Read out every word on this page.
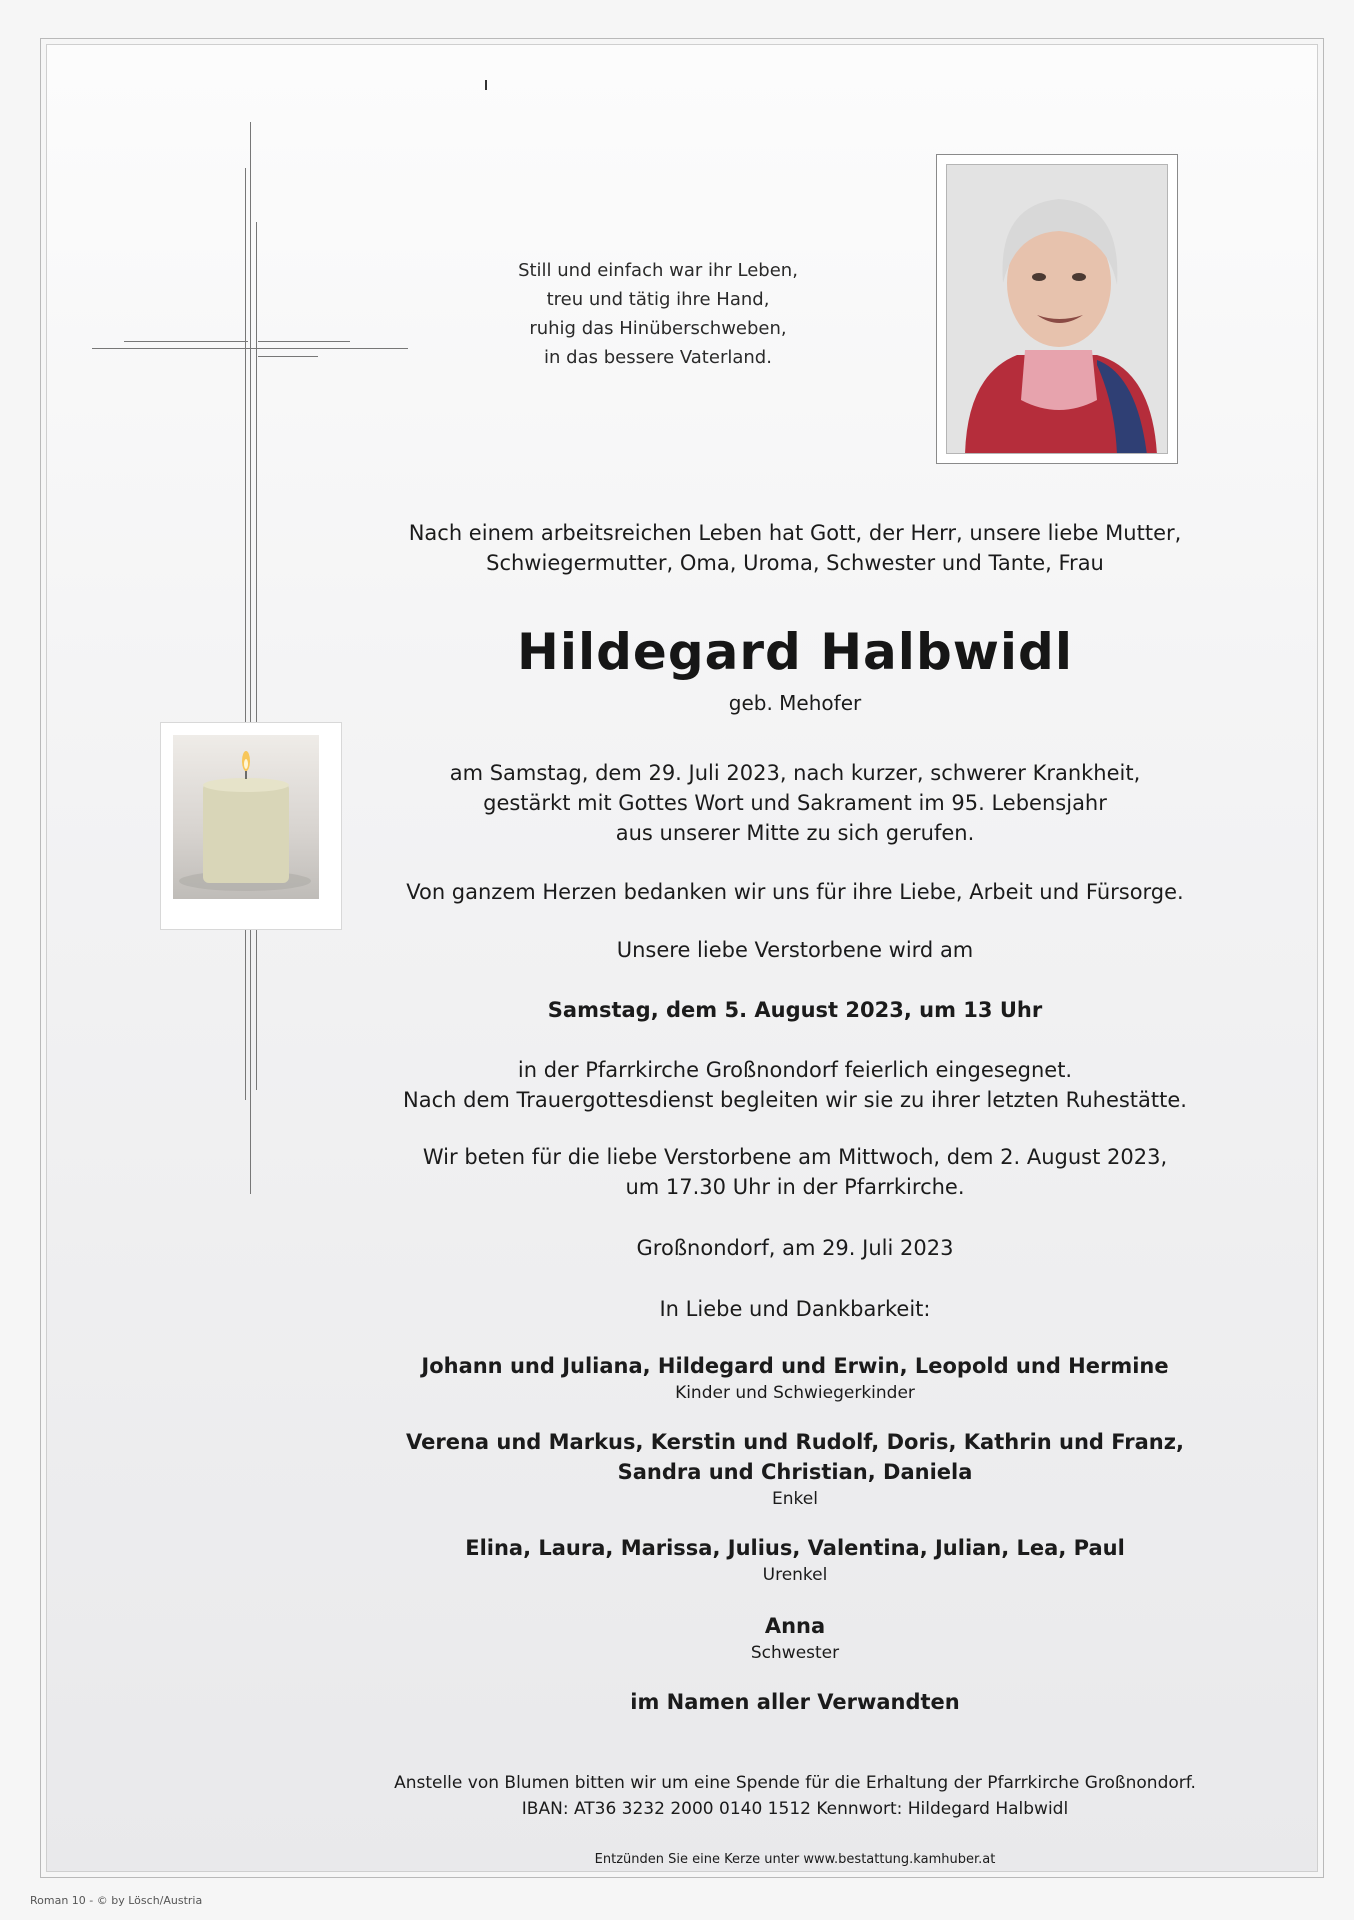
Still und einfach war ihr Leben,
treu und tätig ihre Hand,
ruhig das Hinüberschweben,
in das bessere Vaterland.
Nach einem arbeitsreichen Leben hat Gott, der Herr, unsere liebe Mutter,
Schwiegermutter, Oma, Uroma, Schwester und Tante, Frau
Hildegard Halbwidl
geb. Mehofer
am Samstag, dem 29. Juli 2023, nach kurzer, schwerer Krankheit,
gestärkt mit Gottes Wort und Sakrament im 95. Lebensjahr
aus unserer Mitte zu sich gerufen.
Von ganzem Herzen bedanken wir uns für ihre Liebe, Arbeit und Fürsorge.
Unsere liebe Verstorbene wird am
Samstag, dem 5. August 2023, um 13 Uhr
in der Pfarrkirche Großnondorf feierlich eingesegnet.
Nach dem Trauergottesdienst begleiten wir sie zu ihrer letzten Ruhestätte.
Wir beten für die liebe Verstorbene am Mittwoch, dem 2. August 2023,
um 17.30 Uhr in der Pfarrkirche.
Großnondorf, am 29. Juli 2023
In Liebe und Dankbarkeit:
Johann und Juliana, Hildegard und Erwin, Leopold und Hermine
Kinder und Schwiegerkinder
Verena und Markus, Kerstin und Rudolf, Doris, Kathrin und Franz,
Sandra und Christian, Daniela
Enkel
Elina, Laura, Marissa, Julius, Valentina, Julian, Lea, Paul
Urenkel
Anna
Schwester
im Namen aller Verwandten
Anstelle von Blumen bitten wir um eine Spende für die Erhaltung der Pfarrkirche Großnondorf.
IBAN: AT36 3232 2000 0140 1512 Kennwort: Hildegard Halbwidl
Entzünden Sie eine Kerze unter www.bestattung.kamhuber.at
Roman 10 - © by Lösch/Austria
